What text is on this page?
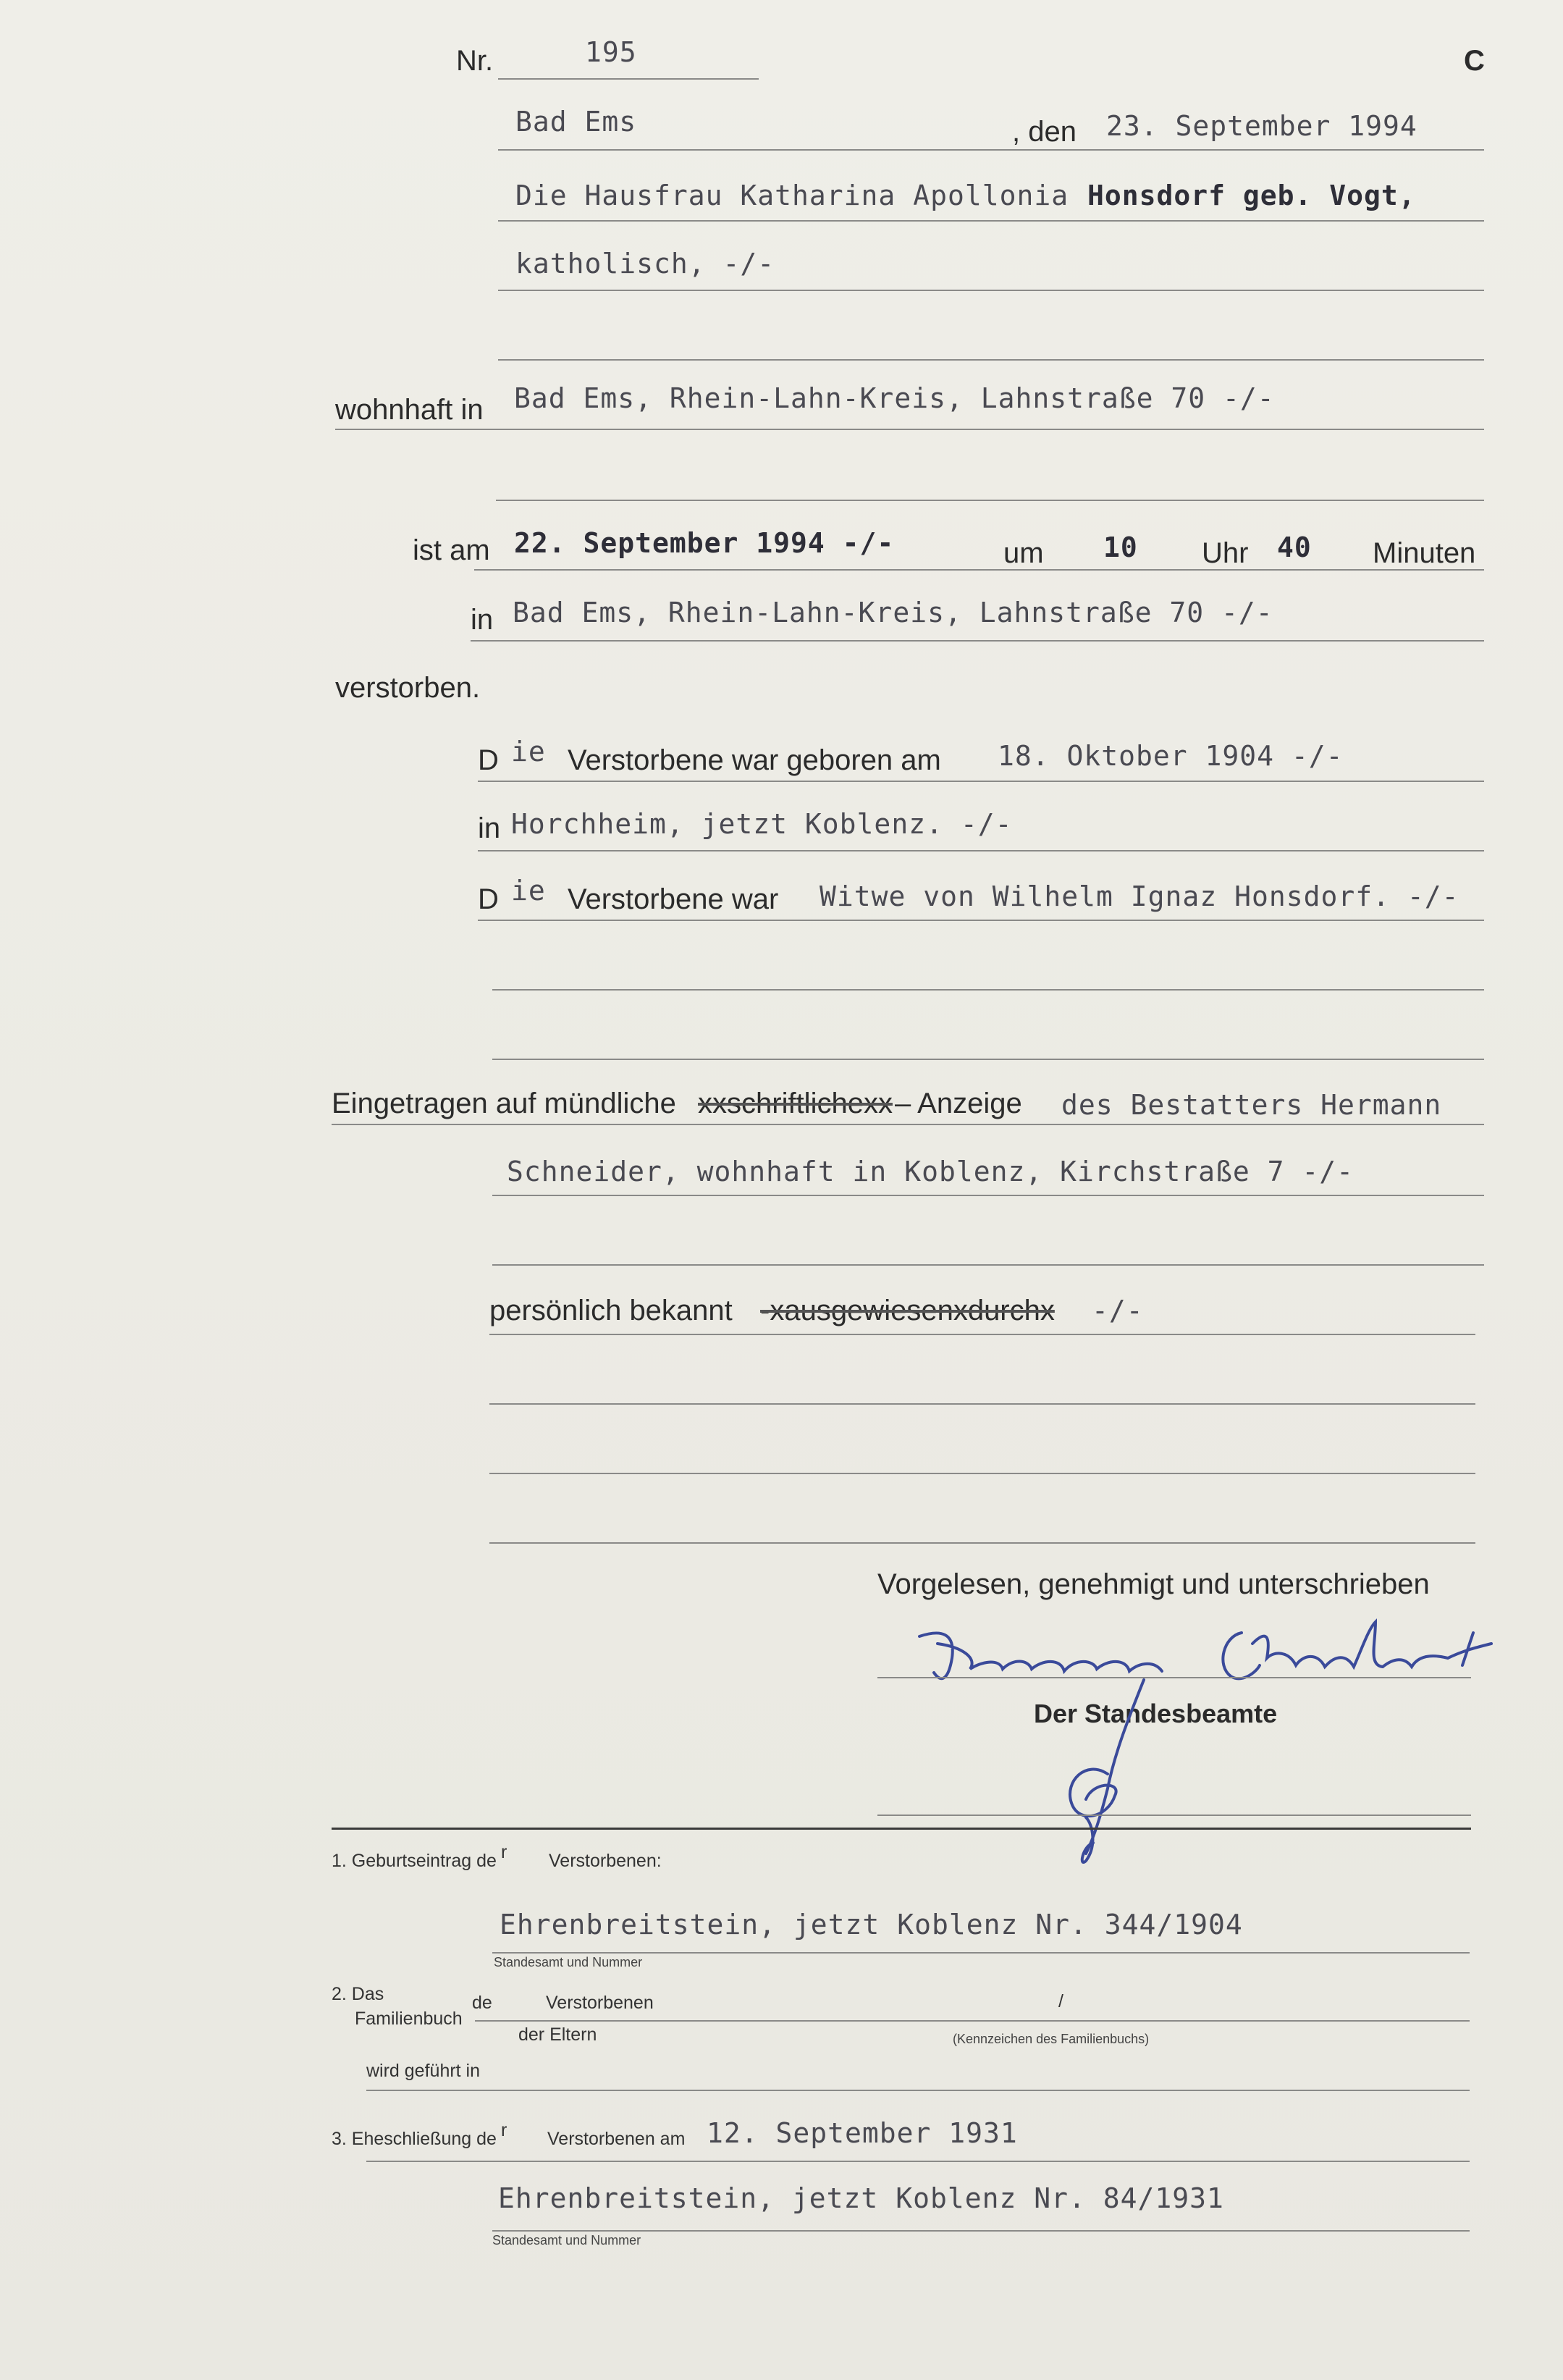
Nr.	195	C
Bad Ems	, den 23. September 1994
Die Hausfrau Katharina Apollonia Honsdorf geb. Vogt,
katholisch, -/-
wohnhaft in Bad Ems, Rhein-Lahn-Kreis, Lahnstraße 70 -/-
ist am 22. September 1994 -/-	um 10 Uhr 40 Minuten
in Bad Ems, Rhein-Lahn-Kreis, Lahnstraße 70 -/-
verstorben.
D ie Verstorbene war geboren am 18. Oktober 1904 -/-
in Horchheim, jetzt Koblenz. -/-
D ie Verstorbene war Witwe von Wilhelm Ignaz Honsdorf. -/-
Eingetragen auf mündliche xxschriftlichexx – Anzeige des Bestatters Hermann
Schneider, wohnhaft in Koblenz, Kirchstraße 7 -/-
persönlich bekannt -xausgewiesenxdurchx -/-
Vorgelesen, genehmigt und unterschrieben
Der Standesbeamte
1. Geburtseintrag de r Verstorbenen:
Ehrenbreitstein, jetzt Koblenz Nr. 344/1904
Standesamt und Nummer
2. Das
Familienbuch
de	Verstorbenen	/
der Eltern	(Kennzeichen des Familienbuchs)
wird geführt in
3. Eheschließung de r Verstorbenen am 12. September 1931
Ehrenbreitstein, jetzt Koblenz Nr. 84/1931
Standesamt und Nummer
